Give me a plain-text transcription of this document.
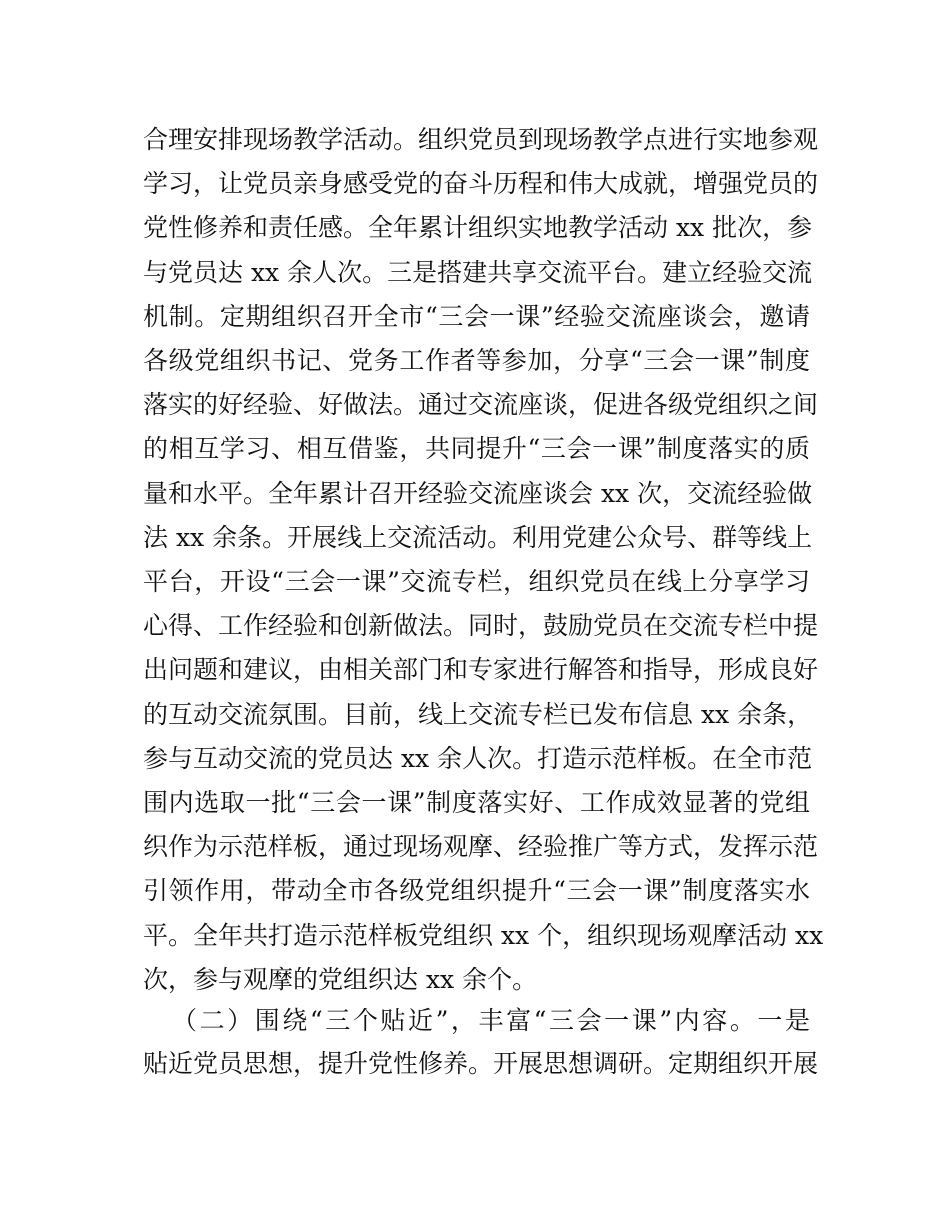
合理安排现场教学活动。组织党员到现场教学点进行实地参观
学习，让党员亲身感受党的奋斗历程和伟大成就，增强党员的
党性修养和责任感。全年累计组织实地教学活动 xx 批次，参
与党员达 xx 余人次。三是搭建共享交流平台。建立经验交流
机制。定期组织召开全市“三会一课”经验交流座谈会，邀请
各级党组织书记、党务工作者等参加，分享“三会一课”制度
落实的好经验、好做法。通过交流座谈，促进各级党组织之间
的相互学习、相互借鉴，共同提升“三会一课”制度落实的质
量和水平。全年累计召开经验交流座谈会 xx 次，交流经验做
法 xx 余条。开展线上交流活动。利用党建公众号、群等线上
平台，开设“三会一课”交流专栏，组织党员在线上分享学习
心得、工作经验和创新做法。同时，鼓励党员在交流专栏中提
出问题和建议，由相关部门和专家进行解答和指导，形成良好
的互动交流氛围。目前，线上交流专栏已发布信息 xx 余条，
参与互动交流的党员达 xx 余人次。打造示范样板。在全市范
围内选取一批“三会一课”制度落实好、工作成效显著的党组
织作为示范样板，通过现场观摩、经验推广等方式，发挥示范
引领作用，带动全市各级党组织提升“三会一课”制度落实水
平。全年共打造示范样板党组织 xx 个，组织现场观摩活动 xx
次，参与观摩的党组织达 xx 余个。
（二）围绕“三个贴近”，丰富“三会一课”内容。一是
贴近党员思想，提升党性修养。开展思想调研。定期组织开展
